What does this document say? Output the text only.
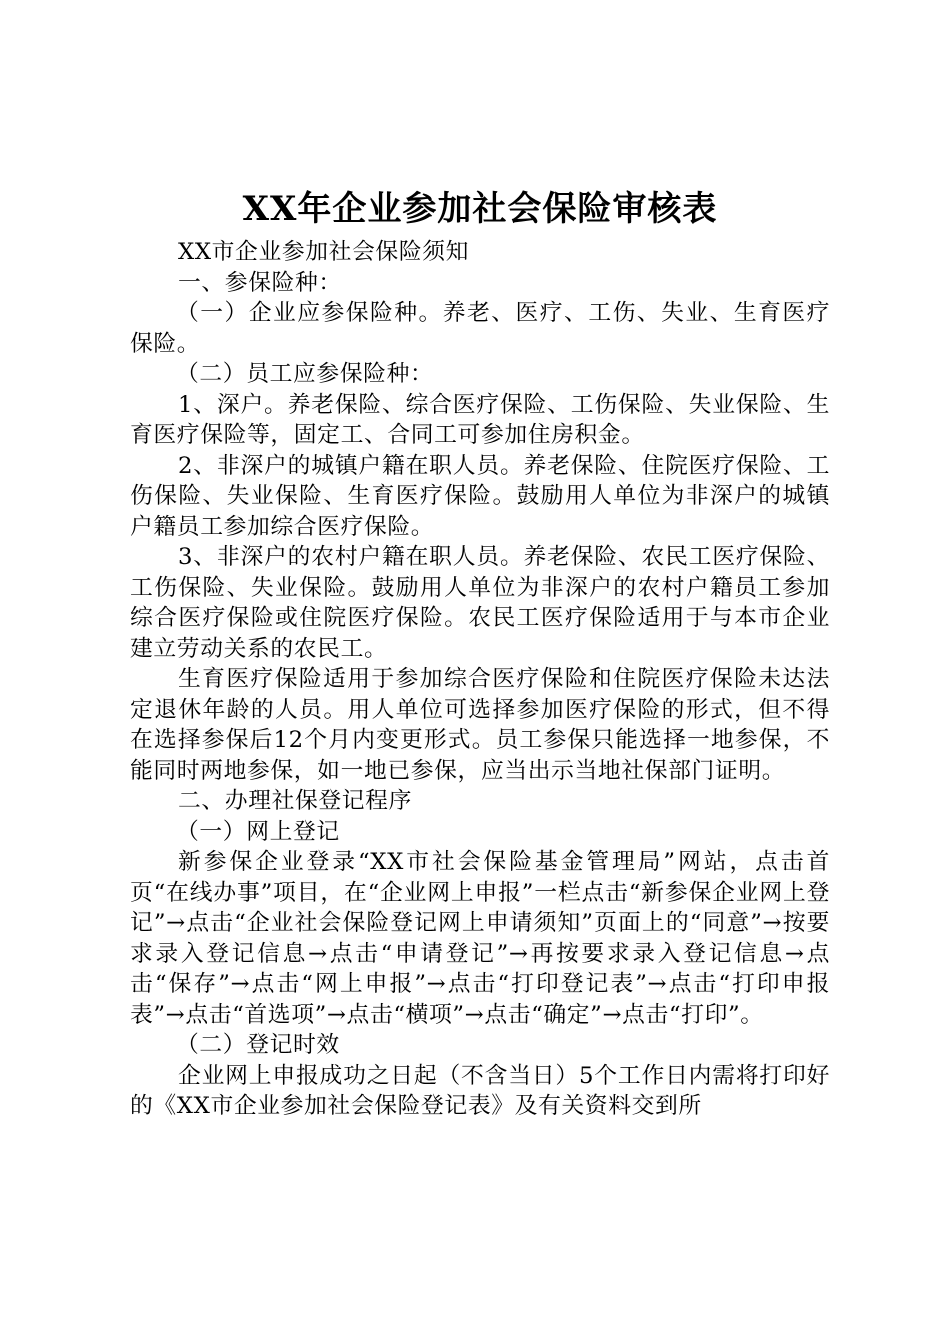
XX年企业参加社会保险审核表

XX市企业参加社会保险须知

一、参保险种：

（一）企业应参保险种。养老、医疗、工伤、失业、生育医疗保险。

（二）员工应参保险种：

1、深户。养老保险、综合医疗保险、工伤保险、失业保险、生育医疗保险等，固定工、合同工可参加住房积金。

2、非深户的城镇户籍在职人员。养老保险、住院医疗保险、工伤保险、失业保险、生育医疗保险。鼓励用人单位为非深户的城镇户籍员工参加综合医疗保险。

3、非深户的农村户籍在职人员。养老保险、农民工医疗保险、工伤保险、失业保险。鼓励用人单位为非深户的农村户籍员工参加综合医疗保险或住院医疗保险。农民工医疗保险适用于与本市企业建立劳动关系的农民工。

生育医疗保险适用于参加综合医疗保险和住院医疗保险未达法定退休年龄的人员。用人单位可选择参加医疗保险的形式，但不得在选择参保后12个月内变更形式。员工参保只能选择一地参保，不能同时两地参保，如一地已参保，应当出示当地社保部门证明。

二、办理社保登记程序

（一）网上登记

新参保企业登录“XX市社会保险基金管理局”网站，点击首页“在线办事”项目，在“企业网上申报”一栏点击“新参保企业网上登记”→点击“企业社会保险登记网上申请须知”页面上的“同意”→按要求录入登记信息→点击“申请登记”→再按要求录入登记信息→点击“保存”→点击“网上申报”→点击“打印登记表”→点击“打印申报表”→点击“首选项”→点击“横项”→点击“确定”→点击“打印”。

（二）登记时效

企业网上申报成功之日起（不含当日）5个工作日内需将打印好的《XX市企业参加社会保险登记表》及有关资料交到所
